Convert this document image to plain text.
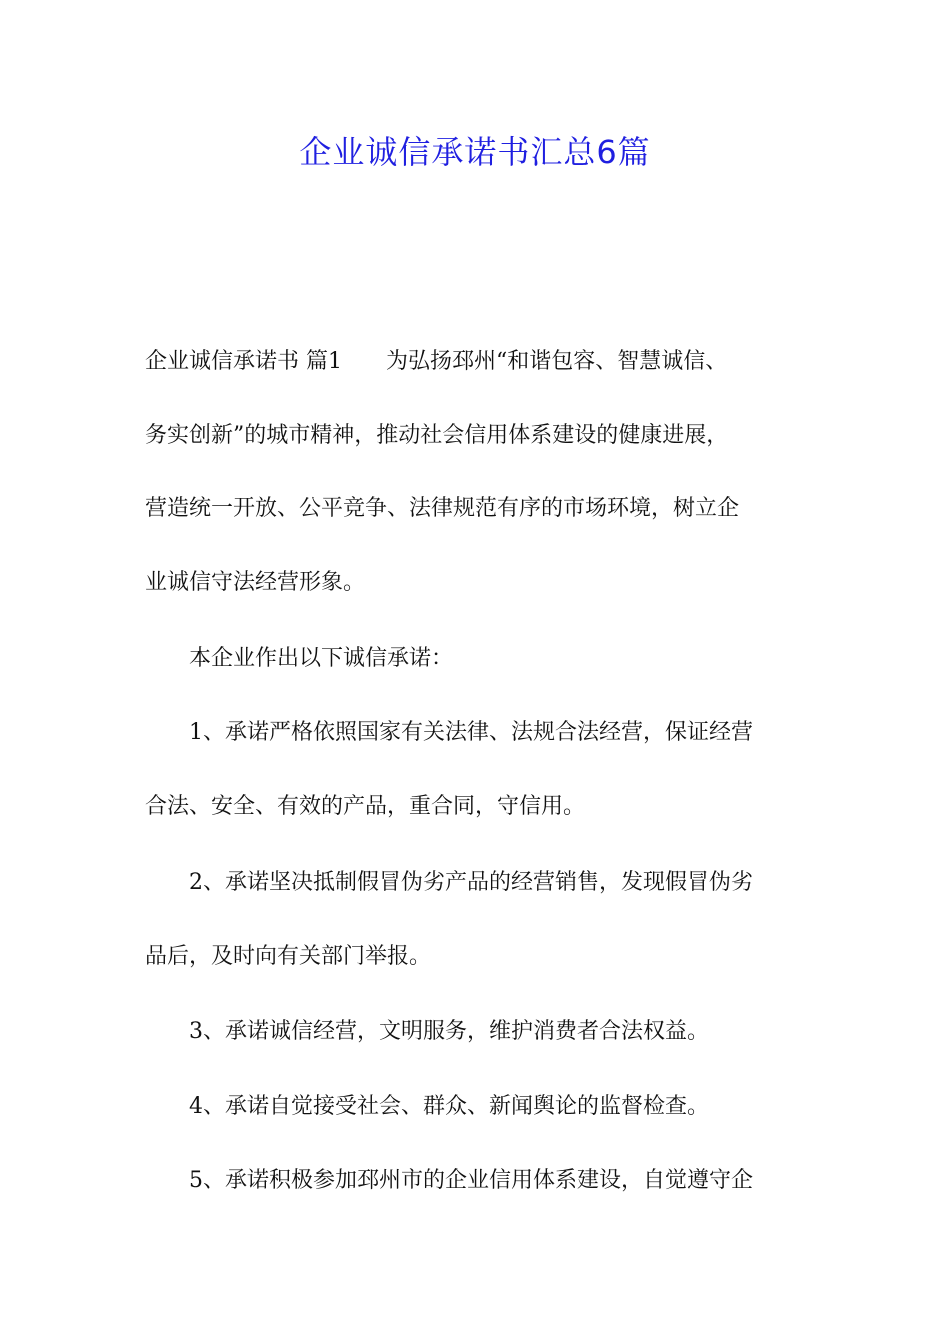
企业诚信承诺书汇总6篇
企业诚信承诺书 篇1　　为弘扬邳州“和谐包容、智慧诚信、
务实创新”的城市精神，推动社会信用体系建设的健康进展，
营造统一开放、公平竞争、法律规范有序的市场环境，树立企
业诚信守法经营形象。
　　本企业作出以下诚信承诺：
　　1、承诺严格依照国家有关法律、法规合法经营，保证经营
合法、安全、有效的产品，重合同，守信用。
　　2、承诺坚决抵制假冒伪劣产品的经营销售，发现假冒伪劣
品后，及时向有关部门举报。
　　3、承诺诚信经营，文明服务，维护消费者合法权益。
　　4、承诺自觉接受社会、群众、新闻舆论的监督检查。
　　5、承诺积极参加邳州市的企业信用体系建设，自觉遵守企
